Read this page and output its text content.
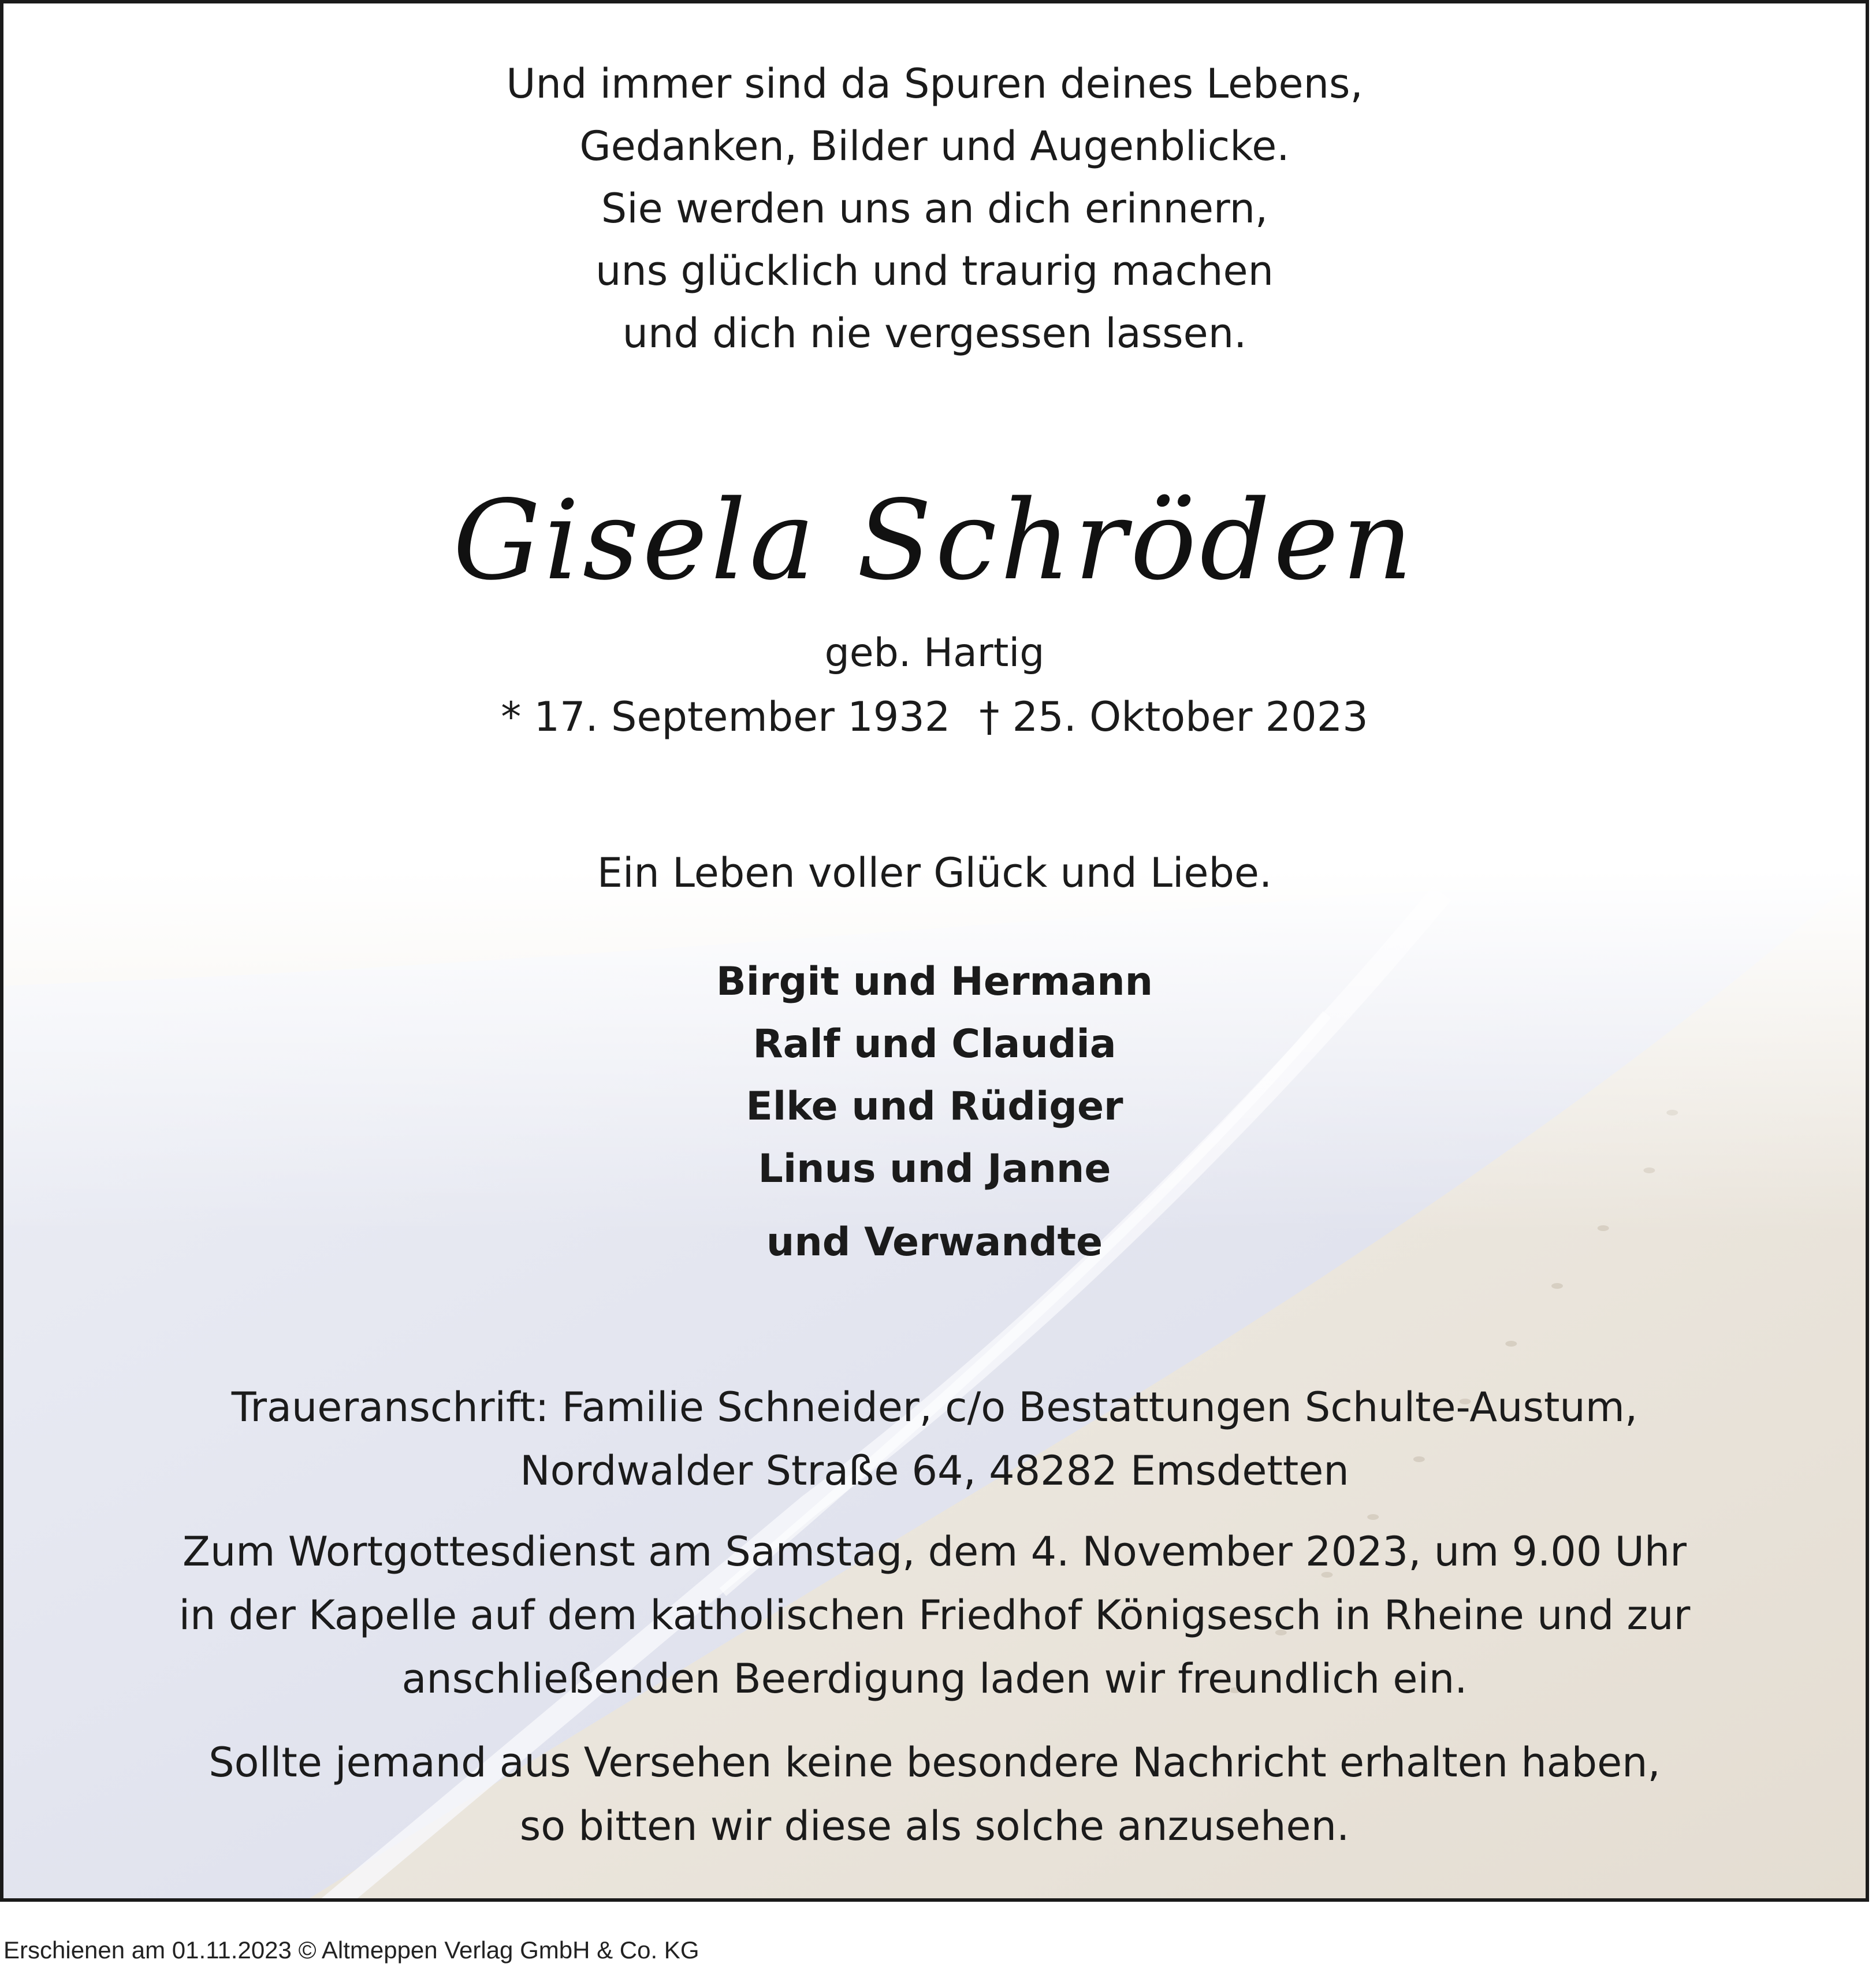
Und immer sind da Spuren deines Lebens,
Gedanken, Bilder und Augenblicke.
Sie werden uns an dich erinnern,
uns glücklich und traurig machen
und dich nie vergessen lassen.
Gisela Schröden
geb. Hartig
* 17. September 1932 † 25. Oktober 2023
Ein Leben voller Glück und Liebe.
Birgit und Hermann
Ralf und Claudia
Elke und Rüdiger
Linus und Janne
und Verwandte
Traueranschrift: Familie Schneider, c/o Bestattungen Schulte-Austum,
Nordwalder Straße 64, 48282 Emsdetten
Zum Wortgottesdienst am Samstag, dem 4. November 2023, um 9.00 Uhr
in der Kapelle auf dem katholischen Friedhof Königsesch in Rheine und zur
anschließenden Beerdigung laden wir freundlich ein.
Sollte jemand aus Versehen keine besondere Nachricht erhalten haben,
so bitten wir diese als solche anzusehen.
Erschienen am 01.11.2023 © Altmeppen Verlag GmbH & Co. KG
